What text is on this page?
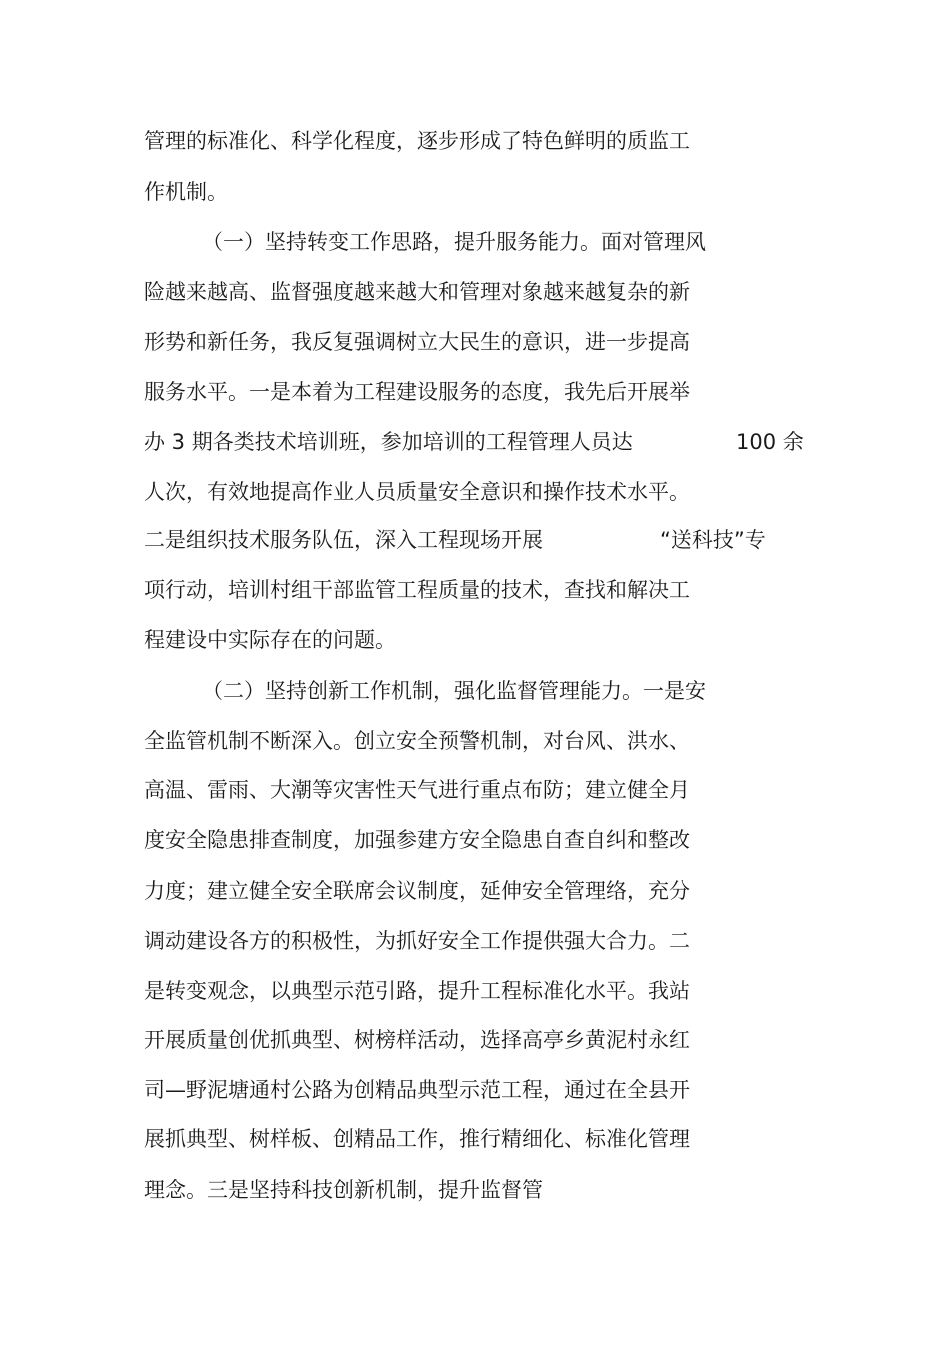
管理的标准化、科学化程度，逐步形成了特色鲜明的质监工
作机制。
（一）坚持转变工作思路，提升服务能力。面对管理风
险越来越高、监督强度越来越大和管理对象越来越复杂的新
形势和新任务，我反复强调树立大民生的意识，进一步提高
服务水平。一是本着为工程建设服务的态度，我先后开展举
办 3 期各类技术培训班，参加培训的工程管理人员达	100 余
人次，有效地提高作业人员质量安全意识和操作技术水平。
二是组织技术服务队伍，深入工程现场开展	“送科技”专
项行动，培训村组干部监管工程质量的技术，查找和解决工
程建设中实际存在的问题。
（二）坚持创新工作机制，强化监督管理能力。一是安
全监管机制不断深入。创立安全预警机制，对台风、洪水、
高温、雷雨、大潮等灾害性天气进行重点布防；建立健全月
度安全隐患排查制度，加强参建方安全隐患自查自纠和整改
力度；建立健全安全联席会议制度，延伸安全管理络，充分
调动建设各方的积极性，为抓好安全工作提供强大合力。二
是转变观念，以典型示范引路，提升工程标准化水平。我站
开展质量创优抓典型、树榜样活动，选择高亭乡黄泥村永红
司—野泥塘通村公路为创精品典型示范工程，通过在全县开
展抓典型、树样板、创精品工作，推行精细化、标准化管理
理念。三是坚持科技创新机制，提升监督管
